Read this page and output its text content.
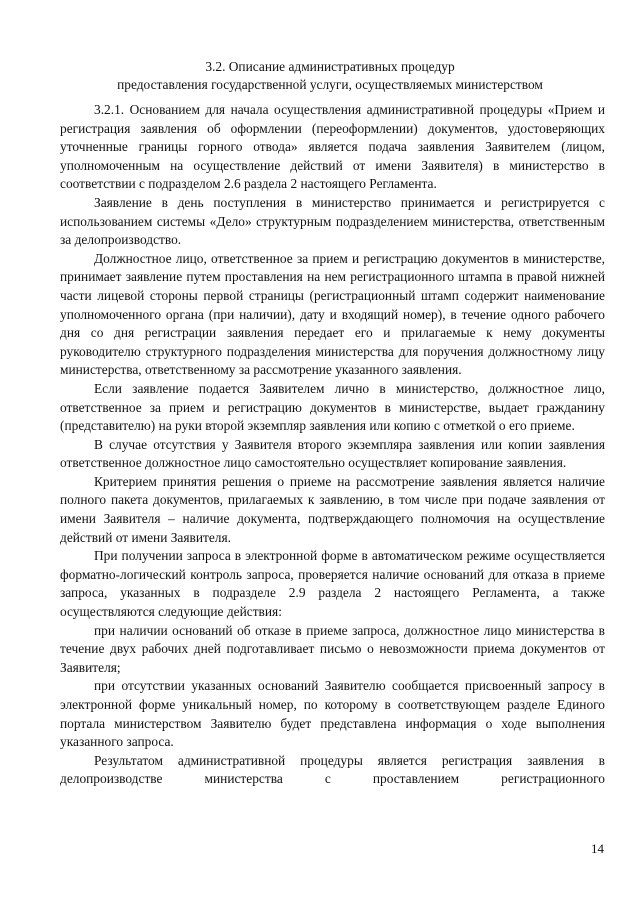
3.2. Описание административных процедур
предоставления государственной услуги, осуществляемых министерством

3.2.1. Основанием для начала осуществления административной процедуры «Прием и регистрация заявления об оформлении (переоформлении) документов, удостоверяющих уточненные границы горного отвода» является подача заявления Заявителем (лицом, уполномоченным на осуществление действий от имени Заявителя) в министерство в соответствии с подразделом 2.6 раздела 2 настоящего Регламента.

Заявление в день поступления в министерство принимается и регистрируется с использованием системы «Дело» структурным подразделением министерства, ответственным за делопроизводство.

Должностное лицо, ответственное за прием и регистрацию документов в министерстве, принимает заявление путем проставления на нем регистрационного штампа в правой нижней части лицевой стороны первой страницы (регистрационный штамп содержит наименование уполномоченного органа (при наличии), дату и входящий номер), в течение одного рабочего дня со дня регистрации заявления передает его и прилагаемые к нему документы руководителю структурного подразделения министерства для поручения должностному лицу министерства, ответственному за рассмотрение указанного заявления.

Если заявление подается Заявителем лично в министерство, должностное лицо, ответственное за прием и регистрацию документов в министерстве, выдает гражданину (представителю) на руки второй экземпляр заявления или копию с отметкой о его приеме.

В случае отсутствия у Заявителя второго экземпляра заявления или копии заявления ответственное должностное лицо самостоятельно осуществляет копирование заявления.

Критерием принятия решения о приеме на рассмотрение заявления является наличие полного пакета документов, прилагаемых к заявлению, в том числе при подаче заявления от имени Заявителя – наличие документа, подтверждающего полномочия на осуществление действий от имени Заявителя.

При получении запроса в электронной форме в автоматическом режиме осуществляется форматно-логический контроль запроса, проверяется наличие оснований для отказа в приеме запроса, указанных в подразделе 2.9 раздела 2 настоящего Регламента, а также осуществляются следующие действия:

при наличии оснований об отказе в приеме запроса, должностное лицо министерства в течение двух рабочих дней подготавливает письмо о невозможности приема документов от Заявителя;

при отсутствии указанных оснований Заявителю сообщается присвоенный запросу в электронной форме уникальный номер, по которому в соответствующем разделе Единого портала министерством Заявителю будет представлена информация о ходе выполнения указанного запроса.

Результатом административной процедуры является регистрация заявления в делопроизводстве министерства с проставлением регистрационного

14
